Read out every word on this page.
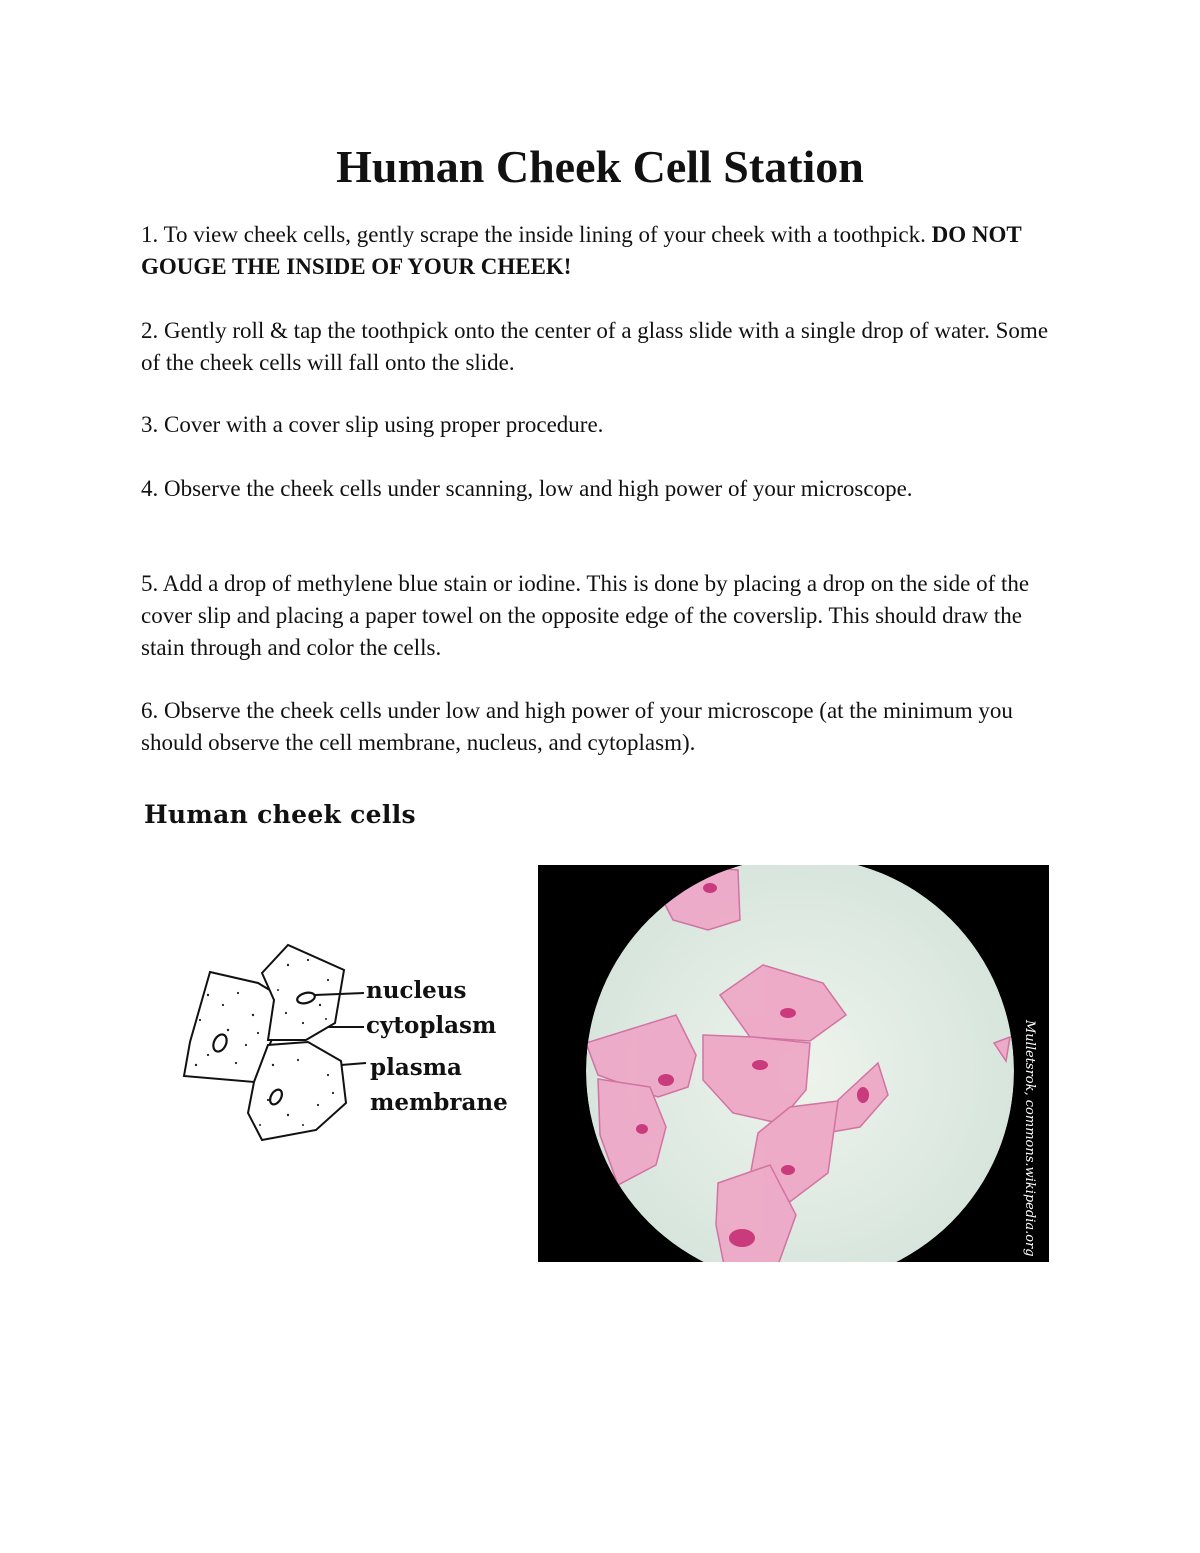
Human Cheek Cell Station

1. To view cheek cells, gently scrape the inside lining of your cheek with a toothpick. DO NOT GOUGE THE INSIDE OF YOUR CHEEK!

2. Gently roll & tap the toothpick onto the center of a glass slide with a single drop of water. Some of the cheek cells will fall onto the slide.

3. Cover with a cover slip using proper procedure.

4. Observe the cheek cells under scanning, low and high power of your microscope.

5. Add a drop of methylene blue stain or iodine. This is done by placing a drop on the side of the cover slip and placing a paper towel on the opposite edge of the coverslip. This should draw the stain through and color the cells.

6. Observe the cheek cells under low and high power of your microscope (at the minimum you should observe the cell membrane, nucleus, and cytoplasm).

Human cheek cells
nucleus
cytoplasm
plasma
membrane	Mulletsrok, commons.wikipedia.org
